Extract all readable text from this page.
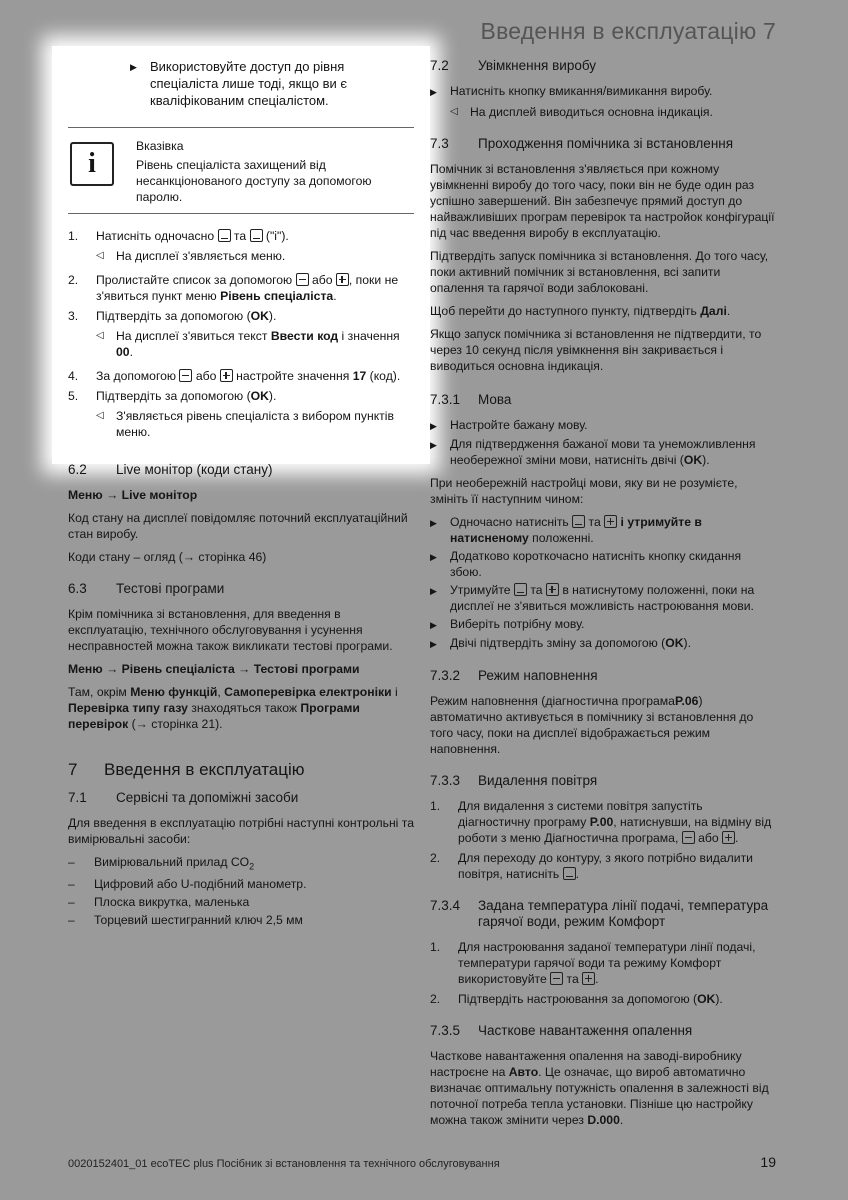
Введення в експлуатацію 7
▶	Використовуйте доступ до рівня спеціаліста лише тоді, якщо ви є кваліфікованим спеціалістом.
i
Вказівка
Рівень спеціаліста захищений від несанкціонованого доступу за допомогою паролю.
1.	Натисніть одночасно  та  ("i").
◁	На дисплеї з'являється меню.
2.	Пролистайте список за допомогою  або , поки не з'явиться пункт меню Рівень спеціаліста.
3.	Підтвердіть за допомогою (OK).
◁	На дисплеї з'явиться текст Ввести код і значення 00.
4.	За допомогою  або  настройте значення 17 (код).
5.	Підтвердіть за допомогою (OK).
◁	З'являється рівень спеціаліста з вибором пунктів меню.
6.2	Live монітор (коди стану)

Меню → Live монітор

Код стану на дисплеї повідомляє поточний експлуатаційний стан виробу.

Коди стану – огляд (→ сторінка 46)

6.3	Тестові програми

Крім помічника зі встановлення, для введення в експлуатацію, технічного обслуговування і усунення несправностей можна також викликати тестові програми.

Меню → Рівень спеціаліста → Тестові програми

Там, окрім Меню функцій, Самоперевірка електроніки і Перевірка типу газу знаходяться також Програми перевірок (→ сторінка 21).

7	Введення в експлуатацію
7.1	Сервісні та допоміжні засоби

Для введення в експлуатацію потрібні наступні контрольні та вимірювальні засоби:

–	Вимірювальний прилад $CO_2$
–	Цифровий або U-подібний манометр.
–	Плоска викрутка, маленька
–	Торцевий шестигранний ключ 2,5 мм
7.2	Увімкнення виробу
▶	Натисніть кнопку вмикання/вимикання виробу.
◁	На дисплей виводиться основна індикація.
7.3	Проходження помічника зі встановлення

Помічник зі встановлення з'являється при кожному увімкненні виробу до того часу, поки він не буде один раз успішно завершений. Він забезпечує прямий доступ до найважливіших програм перевірок та настройок конфігурації під час введення виробу в експлуатацію.

Підтвердіть запуск помічника зі встановлення. До того часу, поки активний помічник зі встановлення, всі запити опалення та гарячої води заблоковані.

Щоб перейти до наступного пункту, підтвердіть Далі.

Якщо запуск помічника зі встановлення не підтвердити, то через 10 секунд після увімкнення він закривається і виводиться основна індикація.

7.3.1	Мова
▶	Настройте бажану мову.
▶	Для підтвердження бажаної мови та унеможливлення необережної зміни мови, натисніть двічі (OK).

При необережній настройці мови, яку ви не розумієте, змініть її наступним чином:

▶	Одночасно натисніть  та  і утримуйте в натисненому положенні.
▶	Додатково короткочасно натисніть кнопку скидання збою.
▶	Утримуйте  та  в натиснутому положенні, поки на дисплеї не з'явиться можливість настроювання мови.
▶	Виберіть потрібну мову.
▶	Двічі підтвердіть зміну за допомогою (OK).
7.3.2	Режим наповнення

Режим наповнення (діагностична програмаP.06) автоматично активується в помічнику зі встановлення до того часу, поки на дисплеї відображається режим наповнення.

7.3.3	Видалення повітря
1.	Для видалення з системи повітря запустіть діагностичну програму P.00, натиснувши, на відміну від роботи з меню Діагностична програма,  або .
2.	Для переходу до контуру, з якого потрібно видалити повітря, натисніть .
7.3.4	Задана температура лінії подачі, температура гарячої води, режим Комфорт
1.	Для настроювання заданої температури лінії подачі, температури гарячої води та режиму Комфорт використовуйте  та .
2.	Підтвердіть настроювання за допомогою (OK).
7.3.5	Часткове навантаження опалення

Часткове навантаження опалення на заводі-виробнику настроєне на Авто. Це означає, що вироб автоматично визначає оптимальну потужність опалення в залежності від поточної потреба тепла установки. Пізніше цю настройку можна також змінити через D.000.

0020152401_01 ecoTEC plus Посібник зі встановлення та технічного обслуговування	19
